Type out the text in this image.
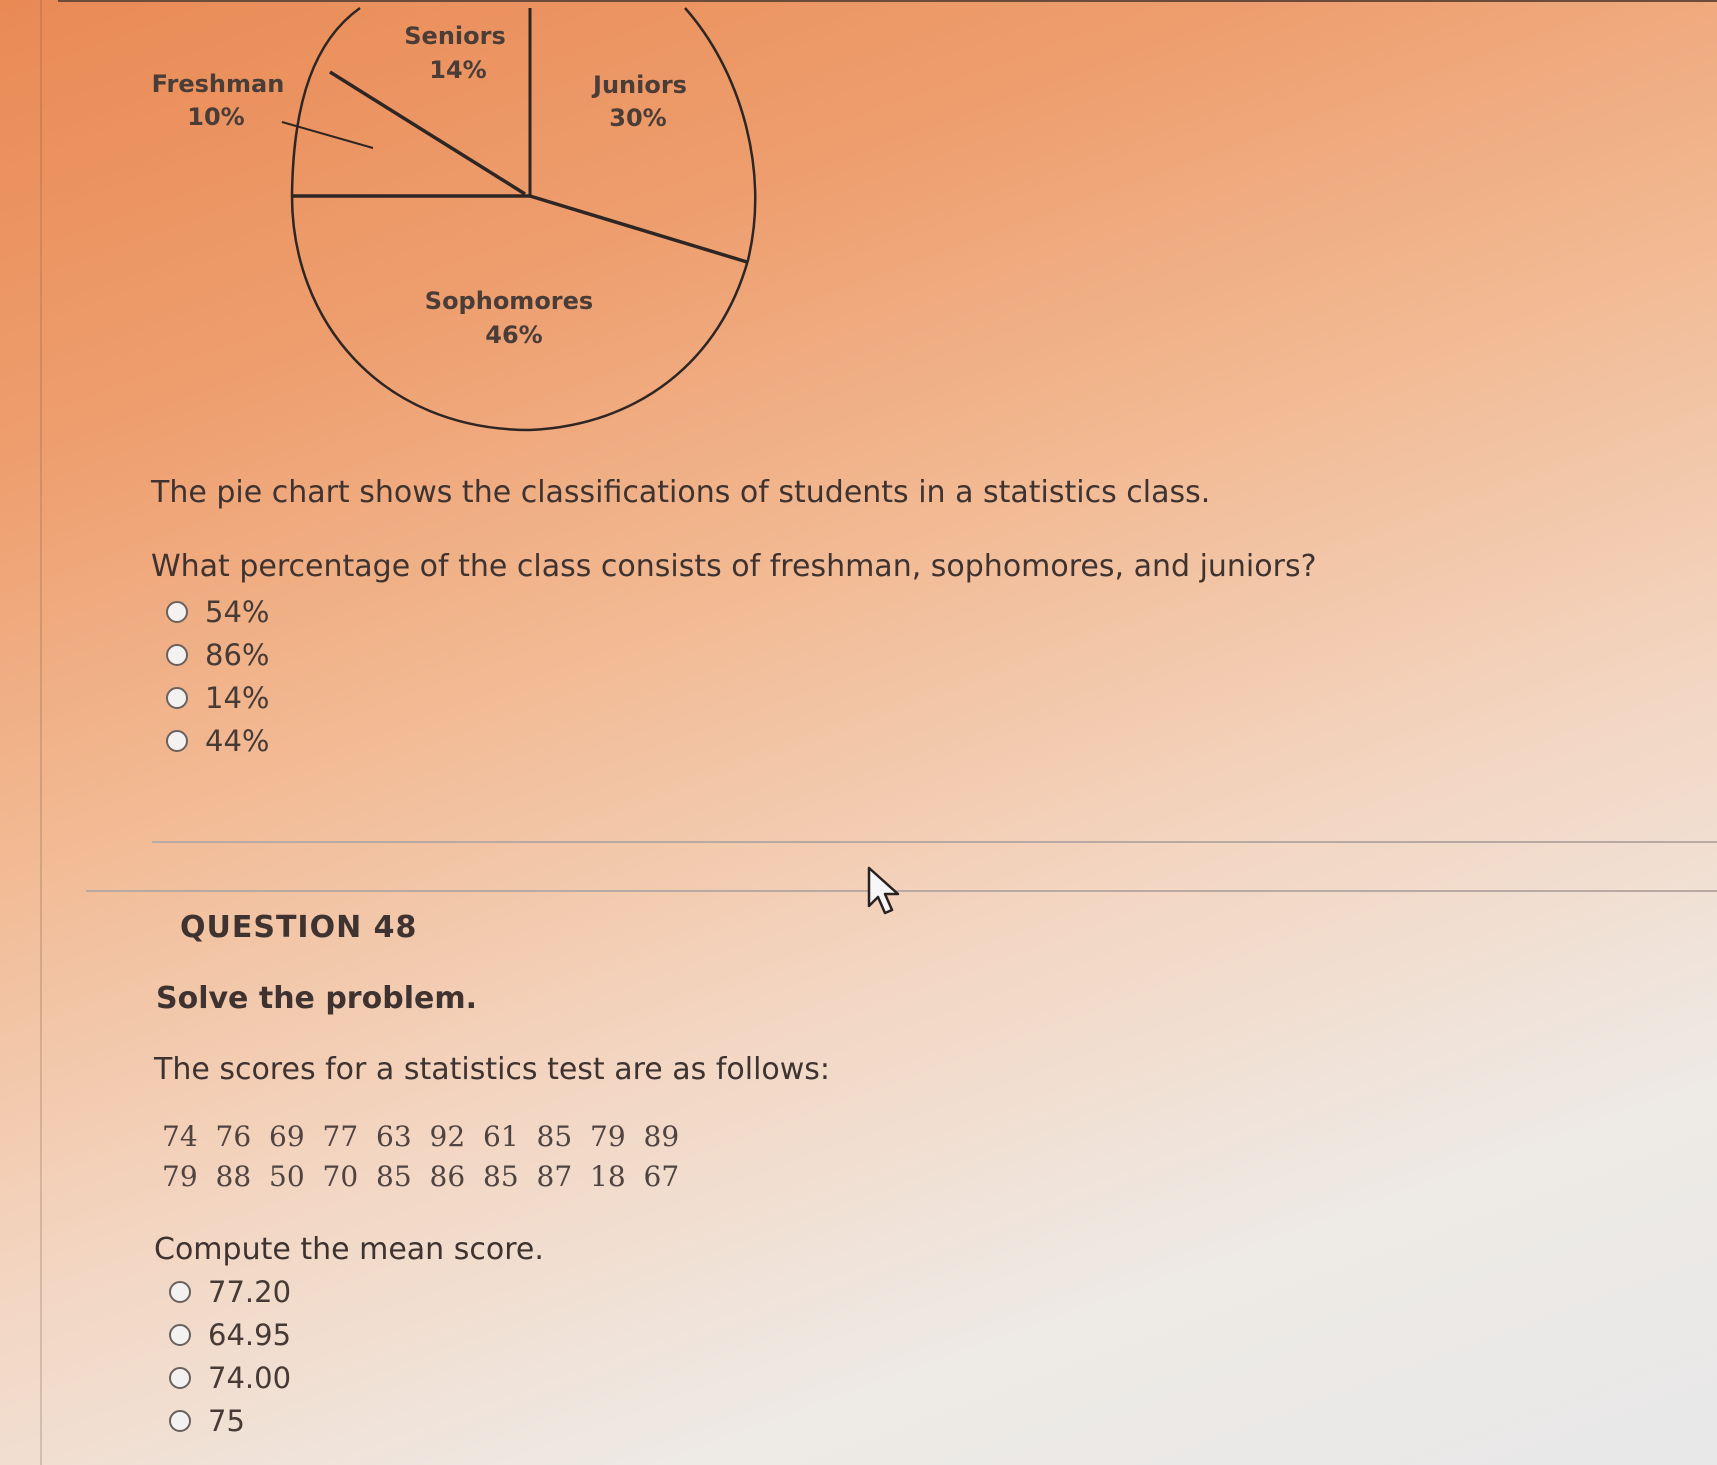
Freshman
10%
Seniors
14%
Juniors
30%
Sophomores
46%
The pie chart shows the classifications of students in a statistics class.
What percentage of the class consists of freshman, sophomores, and juniors?
54%
86%
14%
44%
QUESTION 48
Solve the problem.
The scores for a statistics test are as follows:
74 76 69 77 63 92 61 85 79 89
79 88 50 70 85 86 85 87 18 67
Compute the mean score.
77.20
64.95
74.00
75
